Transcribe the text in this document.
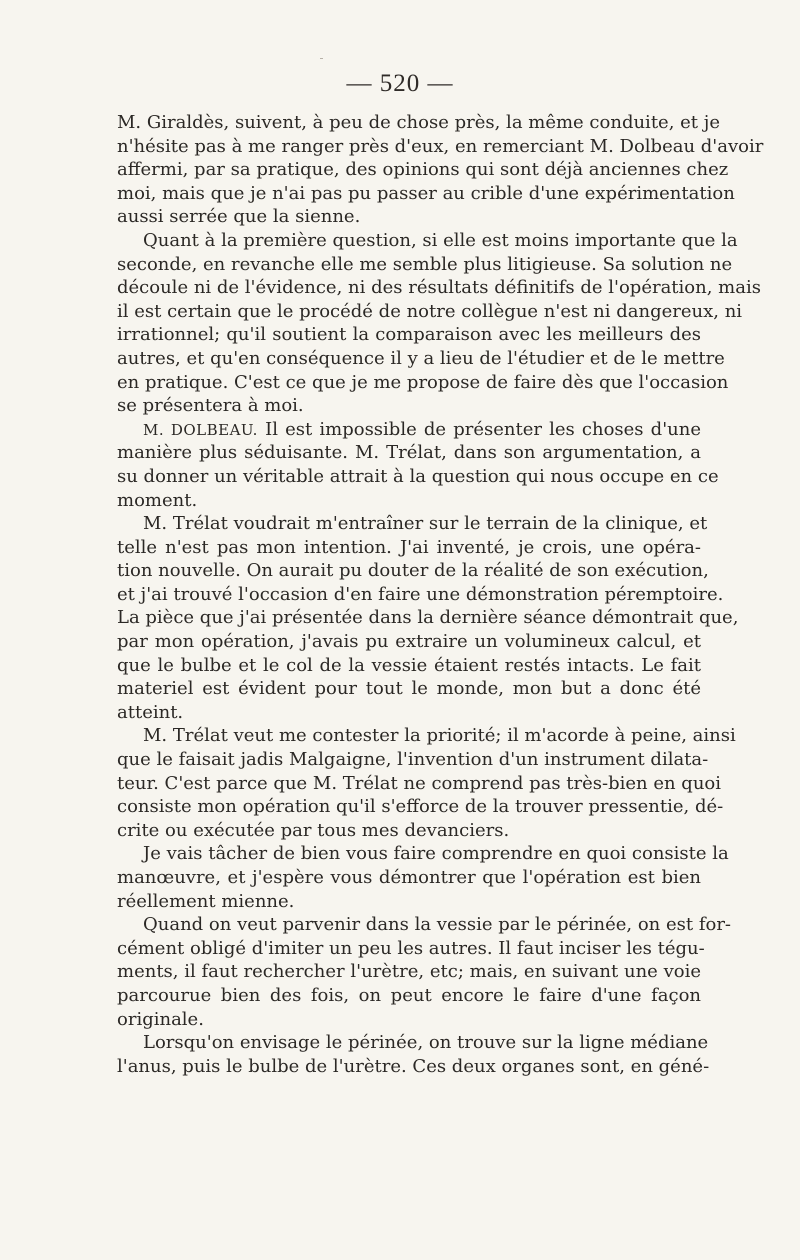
— 520 —
M. Giraldès, suivent, à peu de chose près, la même conduite, et je
n'hésite pas à me ranger près d'eux, en remerciant M. Dolbeau d'avoir
affermi, par sa pratique, des opinions qui sont déjà anciennes chez
moi, mais que je n'ai pas pu passer au crible d'une expérimentation
aussi serrée que la sienne.
Quant à la première question, si elle est moins importante que la
seconde, en revanche elle me semble plus litigieuse. Sa solution ne
découle ni de l'évidence, ni des résultats définitifs de l'opération, mais
il est certain que le procédé de notre collègue n'est ni dangereux, ni
irrationnel; qu'il soutient la comparaison avec les meilleurs des
autres, et qu'en conséquence il y a lieu de l'étudier et de le mettre
en pratique. C'est ce que je me propose de faire dès que l'occasion
se présentera à moi.
M. DOLBEAU. Il est impossible de présenter les choses d'une
manière plus séduisante. M. Trélat, dans son argumentation, a
su donner un véritable attrait à la question qui nous occupe en ce
moment.
M. Trélat voudrait m'entraîner sur le terrain de la clinique, et
telle n'est pas mon intention. J'ai inventé, je crois, une opéra-
tion nouvelle. On aurait pu douter de la réalité de son exécution,
et j'ai trouvé l'occasion d'en faire une démonstration péremptoire.
La pièce que j'ai présentée dans la dernière séance démontrait que,
par mon opération, j'avais pu extraire un volumineux calcul, et
que le bulbe et le col de la vessie étaient restés intacts. Le fait
materiel est évident pour tout le monde, mon but a donc été
atteint.
M. Trélat veut me contester la priorité; il m'acorde à peine, ainsi
que le faisait jadis Malgaigne, l'invention d'un instrument dilata-
teur. C'est parce que M. Trélat ne comprend pas très-bien en quoi
consiste mon opération qu'il s'efforce de la trouver pressentie, dé-
crite ou exécutée par tous mes devanciers.
Je vais tâcher de bien vous faire comprendre en quoi consiste la
manœuvre, et j'espère vous démontrer que l'opération est bien
réellement mienne.
Quand on veut parvenir dans la vessie par le périnée, on est for-
cément obligé d'imiter un peu les autres. Il faut inciser les tégu-
ments, il faut rechercher l'urètre, etc; mais, en suivant une voie
parcourue bien des fois, on peut encore le faire d'une façon
originale.
Lorsqu'on envisage le périnée, on trouve sur la ligne médiane
l'anus, puis le bulbe de l'urètre. Ces deux organes sont, en géné-
